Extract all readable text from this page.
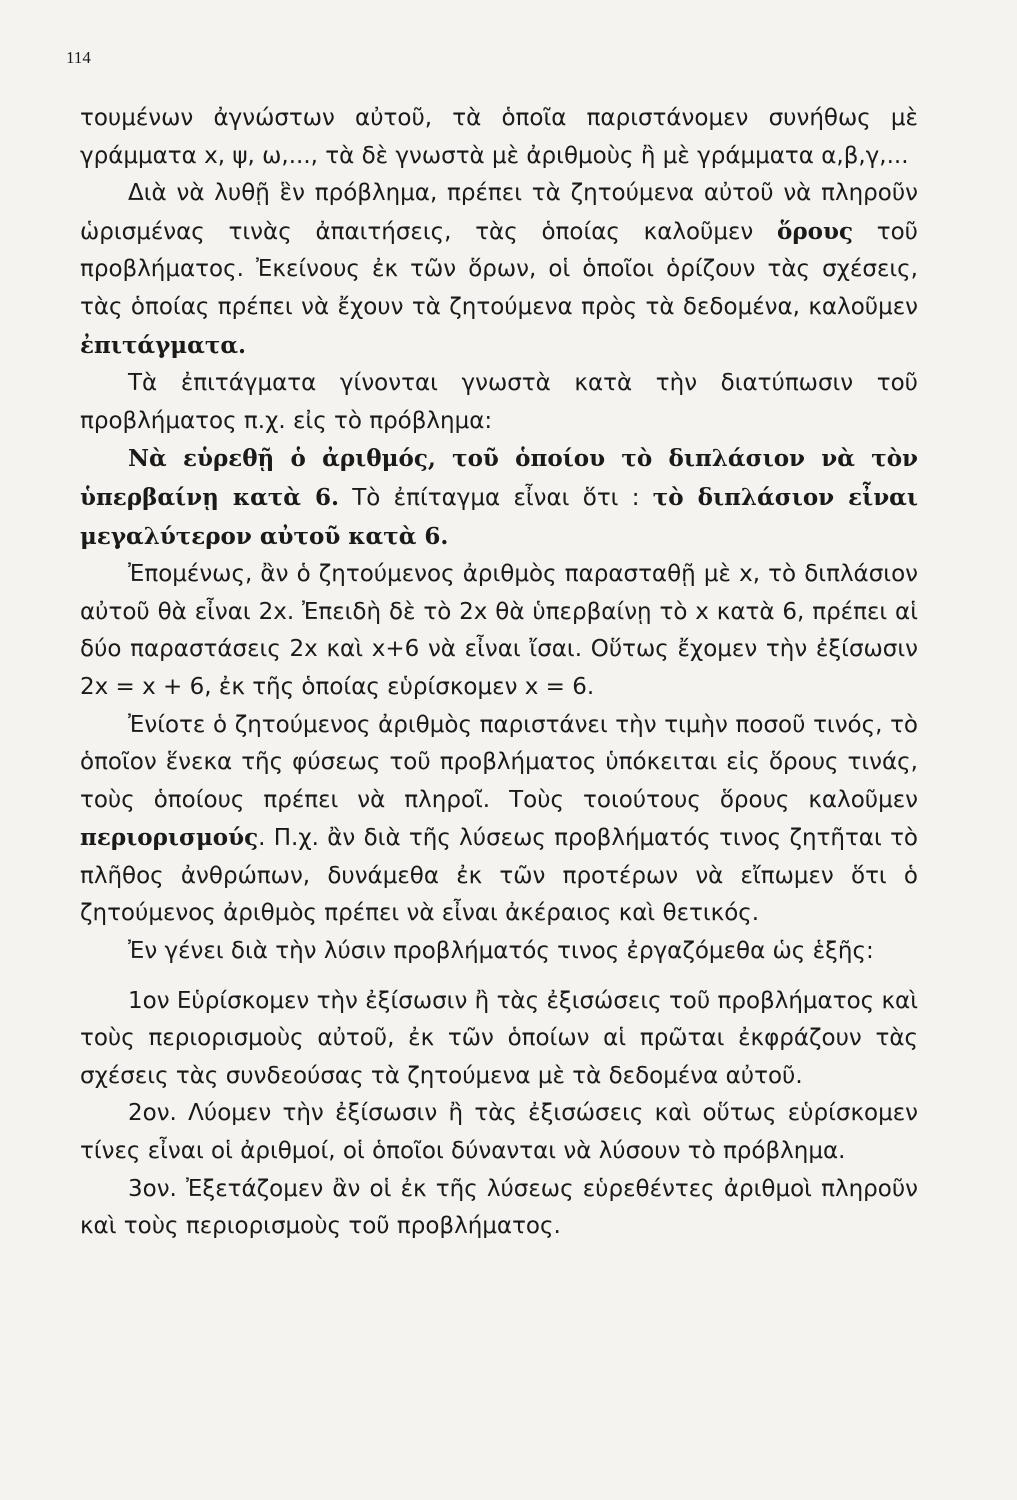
114

τουμένων ἀγνώστων αὐτοῦ, τὰ ὁποῖα παριστάνομεν συνήθως μὲ γράμματα x, ψ, ω,..., τὰ δὲ γνωστὰ μὲ ἀριθμοὺς ἢ μὲ γράμματα α,β,γ,...

Διὰ νὰ λυθῇ ἓν πρόβλημα, πρέπει τὰ ζητούμενα αὐτοῦ νὰ πληροῦν ὡρισμένας τινὰς ἀπαιτήσεις, τὰς ὁποίας καλοῦμεν ὅρους τοῦ προβλήματος. Ἐκείνους ἐκ τῶν ὅρων, οἱ ὁποῖοι ὁρίζουν τὰς σχέσεις, τὰς ὁποίας πρέπει νὰ ἔχουν τὰ ζητούμενα πρὸς τὰ δεδομένα, καλοῦμεν ἐπιτάγματα.

Τὰ ἐπιτάγματα γίνονται γνωστὰ κατὰ τὴν διατύπωσιν τοῦ προβλήματος π.χ. εἰς τὸ πρόβλημα:

Νὰ εὑρεθῇ ὁ ἀριθμός, τοῦ ὁποίου τὸ διπλάσιον νὰ τὸν ὑπερβαίνῃ κατὰ 6. Τὸ ἐπίταγμα εἶναι ὅτι : τὸ διπλάσιον εἶναι μεγαλύτερον αὐτοῦ κατὰ 6.

Ἐπομένως, ἂν ὁ ζητούμενος ἀριθμὸς παρασταθῇ μὲ x, τὸ διπλάσιον αὐτοῦ θὰ εἶναι 2x. Ἐπειδὴ δὲ τὸ 2x θὰ ὑπερβαίνῃ τὸ x κατὰ 6, πρέπει αἱ δύο παραστάσεις 2x καὶ x+6 νὰ εἶναι ἴσαι. Οὕτως ἔχομεν τὴν ἐξίσωσιν 2x = x + 6, ἐκ τῆς ὁποίας εὑρίσκομεν x = 6.

Ἐνίοτε ὁ ζητούμενος ἀριθμὸς παριστάνει τὴν τιμὴν ποσοῦ τινός, τὸ ὁποῖον ἕνεκα τῆς φύσεως τοῦ προβλήματος ὑπόκειται εἰς ὅρους τινάς, τοὺς ὁποίους πρέπει νὰ πληροῖ. Τοὺς τοιούτους ὅρους καλοῦμεν περιορισμούς. Π.χ. ἂν διὰ τῆς λύσεως προβλήματός τινος ζητῆται τὸ πλῆθος ἀνθρώπων, δυνάμεθα ἐκ τῶν προτέρων νὰ εἴπωμεν ὅτι ὁ ζητούμενος ἀριθμὸς πρέπει νὰ εἶναι ἀκέραιος καὶ θετικός.

Ἐν γένει διὰ τὴν λύσιν προβλήματός τινος ἐργαζόμεθα ὡς ἑξῆς:

1ον Εὑρίσκομεν τὴν ἐξίσωσιν ἢ τὰς ἐξισώσεις τοῦ προβλήματος καὶ τοὺς περιορισμοὺς αὐτοῦ, ἐκ τῶν ὁποίων αἱ πρῶται ἐκφράζουν τὰς σχέσεις τὰς συνδεούσας τὰ ζητούμενα μὲ τὰ δεδομένα αὐτοῦ.

2ον. Λύομεν τὴν ἐξίσωσιν ἢ τὰς ἐξισώσεις καὶ οὕτως εὑρίσκομεν τίνες εἶναι οἱ ἀριθμοί, οἱ ὁποῖοι δύνανται νὰ λύσουν τὸ πρόβλημα.

3ον. Ἐξετάζομεν ἂν οἱ ἐκ τῆς λύσεως εὑρεθέντες ἀριθμοὶ πληροῦν καὶ τοὺς περιορισμοὺς τοῦ προβλήματος.
